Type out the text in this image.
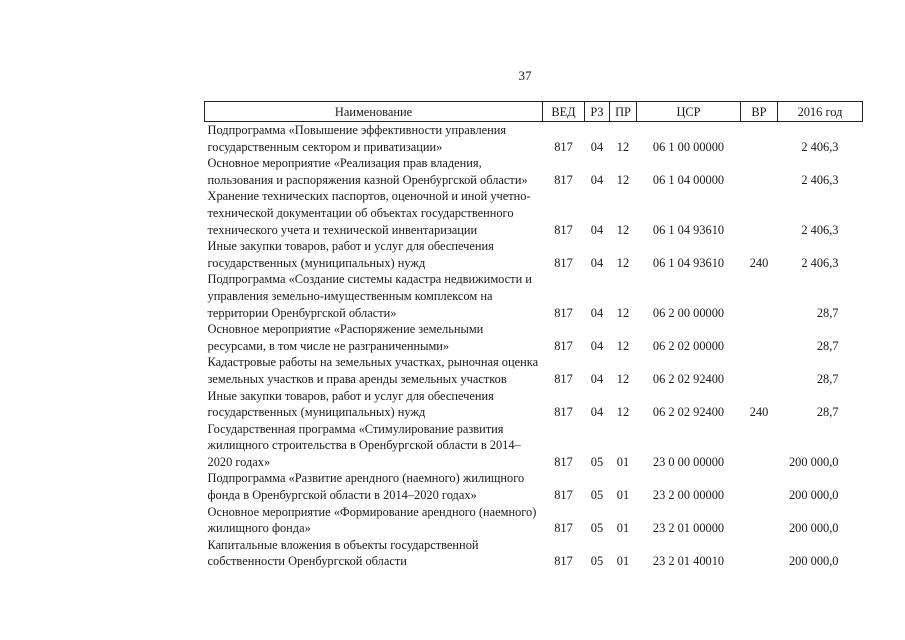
37
Наименование	ВЕД	РЗ	ПР	ЦСР	ВР	2016 год
Подпрограмма «Повышение эффективности управления государственным сектором и приватизации»	817	04	12	06 1 00 00000		2 406,3
Основное мероприятие «Реализация прав владения, пользования и распоряжения казной Оренбургской области»	817	04	12	06 1 04 00000		2 406,3
Хранение технических паспортов, оценочной и иной учетно-технической документации об объектах государственного технического учета и технической инвентаризации	817	04	12	06 1 04 93610		2 406,3
Иные закупки товаров, работ и услуг для обеспечения государственных (муниципальных) нужд	817	04	12	06 1 04 93610	240	2 406,3
Подпрограмма «Создание системы кадастра недвижимости и управления земельно-имущественным комплексом на территории Оренбургской области»	817	04	12	06 2 00 00000		28,7
Основное мероприятие «Распоряжение земельными ресурсами, в том числе не разграниченными»	817	04	12	06 2 02 00000		28,7
Кадастровые работы на земельных участках, рыночная оценка земельных участков и права аренды земельных участков	817	04	12	06 2 02 92400		28,7
Иные закупки товаров, работ и услуг для обеспечения государственных (муниципальных) нужд	817	04	12	06 2 02 92400	240	28,7
Государственная программа «Стимулирование развития жилищного строительства в Оренбургской области в 2014–2020 годах»	817	05	01	23 0 00 00000		200 000,0
Подпрограмма «Развитие арендного (наемного) жилищного фонда в Оренбургской области в 2014–2020 годах»	817	05	01	23 2 00 00000		200 000,0
Основное мероприятие «Формирование арендного (наемного) жилищного фонда»	817	05	01	23 2 01 00000		200 000,0
Капитальные вложения в объекты государственной собственности Оренбургской области	817	05	01	23 2 01 40010		200 000,0
